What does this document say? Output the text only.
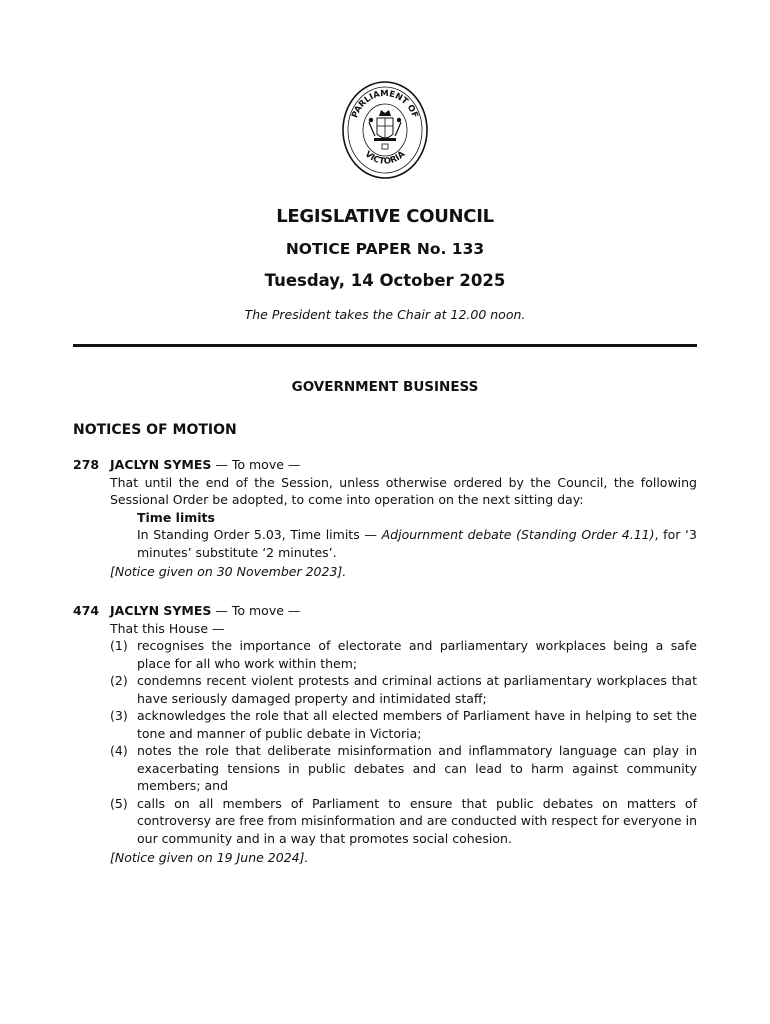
PARLIAMENT OF
VICTORIA
LEGISLATIVE COUNCIL
NOTICE PAPER No. 133
Tuesday, 14 October 2025
The President takes the Chair at 12.00 noon.
GOVERNMENT BUSINESS
NOTICES OF MOTION
278 JACLYN SYMES — To move —
That until the end of the Session, unless otherwise ordered by the Council, the following Sessional Order be adopted, to come into operation on the next sitting day:
Time limits
In Standing Order 5.03, Time limits — Adjournment debate (Standing Order 4.11), for ‘3 minutes’ substitute ‘2 minutes’.
[Notice given on 30 November 2023].
474 JACLYN SYMES — To move —
That this House —
(1) recognises the importance of electorate and parliamentary workplaces being a safe place for all who work within them;
(2) condemns recent violent protests and criminal actions at parliamentary workplaces that have seriously damaged property and intimidated staff;
(3) acknowledges the role that all elected members of Parliament have in helping to set the tone and manner of public debate in Victoria;
(4) notes the role that deliberate misinformation and inflammatory language can play in exacerbating tensions in public debates and can lead to harm against community members; and
(5) calls on all members of Parliament to ensure that public debates on matters of controversy are free from misinformation and are conducted with respect for everyone in our community and in a way that promotes social cohesion.
[Notice given on 19 June 2024].
